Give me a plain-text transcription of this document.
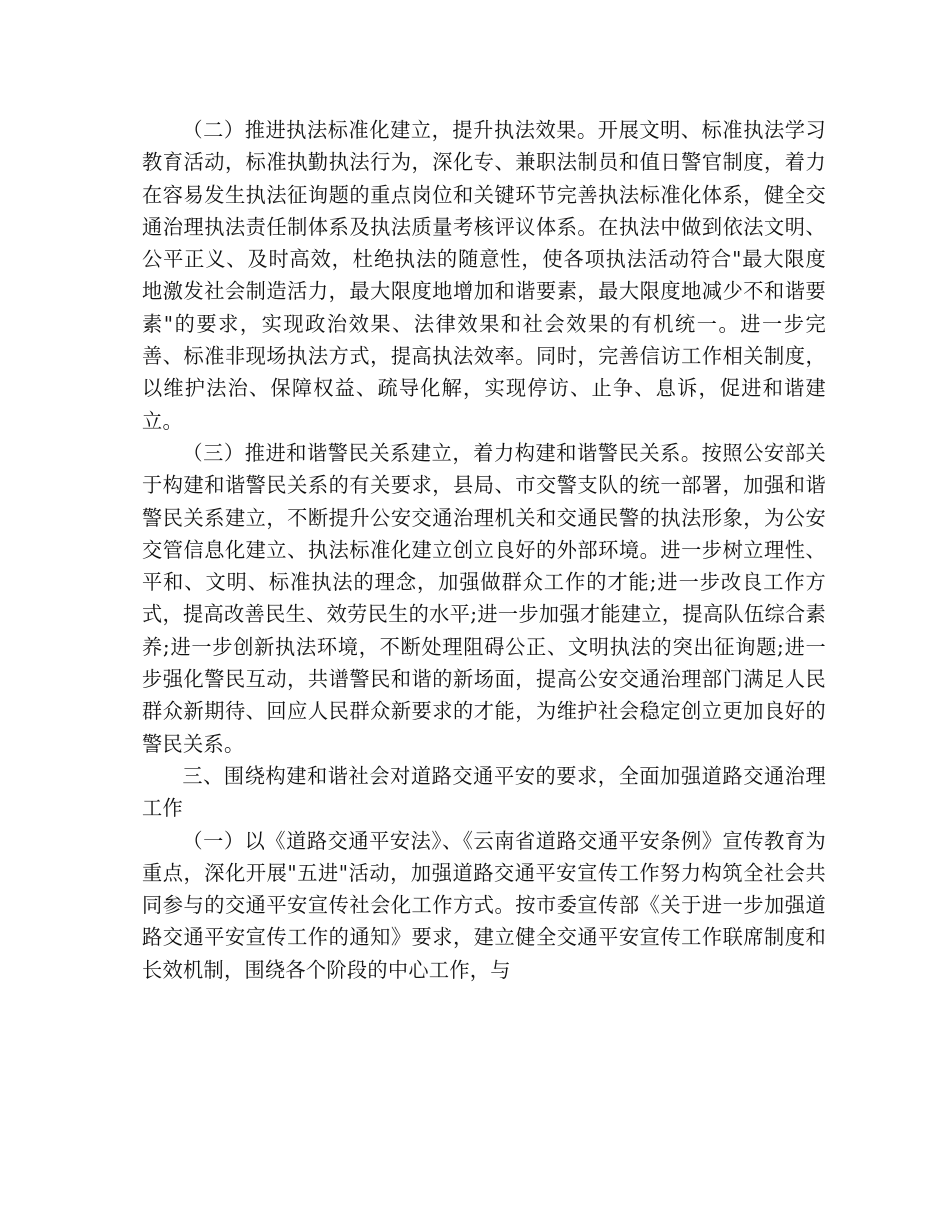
（二）推进执法标准化建立，提升执法效果。开展文明、标准执法学习教育活动，标准执勤执法行为，深化专、兼职法制员和值日警官制度，着力在容易发生执法征询题的重点岗位和关键环节完善执法标准化体系，健全交通治理执法责任制体系及执法质量考核评议体系。在执法中做到依法文明、公平正义、及时高效，杜绝执法的随意性，使各项执法活动符合"最大限度地激发社会制造活力，最大限度地增加和谐要素，最大限度地减少不和谐要素"的要求，实现政治效果、法律效果和社会效果的有机统一。进一步完善、标准非现场执法方式，提高执法效率。同时，完善信访工作相关制度，以维护法治、保障权益、疏导化解，实现停访、止争、息诉，促进和谐建立。

（三）推进和谐警民关系建立，着力构建和谐警民关系。按照公安部关于构建和谐警民关系的有关要求，县局、市交警支队的统一部署，加强和谐警民关系建立，不断提升公安交通治理机关和交通民警的执法形象，为公安交管信息化建立、执法标准化建立创立良好的外部环境。进一步树立理性、平和、文明、标准执法的理念，加强做群众工作的才能;进一步改良工作方式，提高改善民生、效劳民生的水平;进一步加强才能建立，提高队伍综合素养;进一步创新执法环境，不断处理阻碍公正、文明执法的突出征询题;进一步强化警民互动，共谱警民和谐的新场面，提高公安交通治理部门满足人民群众新期待、回应人民群众新要求的才能，为维护社会稳定创立更加良好的警民关系。

三、围绕构建和谐社会对道路交通平安的要求，全面加强道路交通治理工作

（一）以《道路交通平安法》、《云南省道路交通平安条例》宣传教育为重点，深化开展"五进"活动，加强道路交通平安宣传工作努力构筑全社会共同参与的交通平安宣传社会化工作方式。按市委宣传部《关于进一步加强道路交通平安宣传工作的通知》要求，建立健全交通平安宣传工作联席制度和长效机制，围绕各个阶段的中心工作，与
